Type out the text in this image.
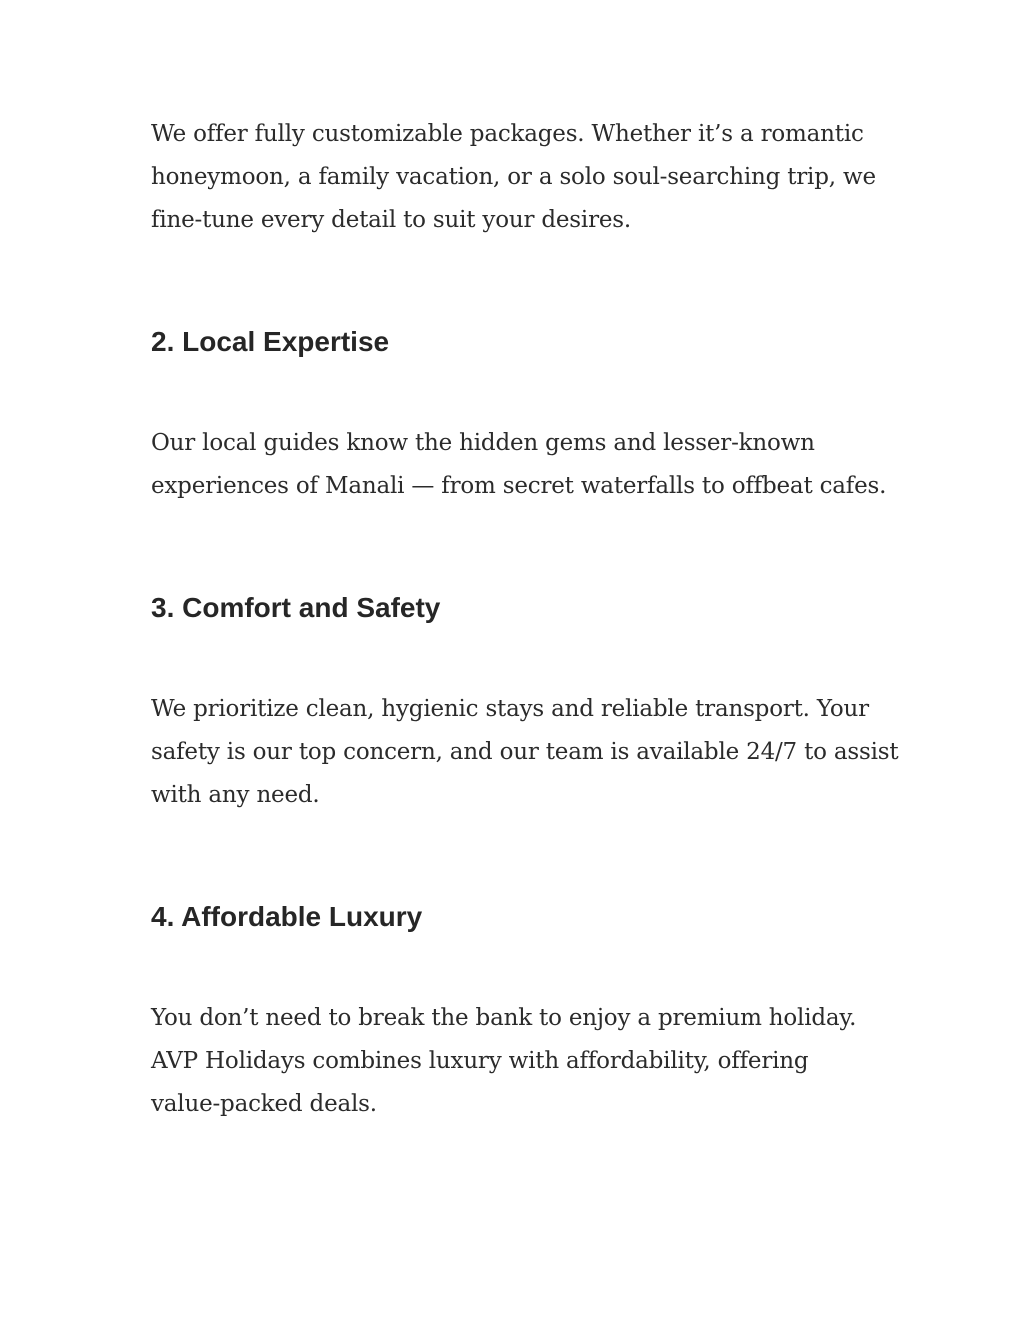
We offer fully customizable packages. Whether it’s a romantic
honeymoon, a family vacation, or a solo soul-searching trip, we
fine-tune every detail to suit your desires.

2. Local Expertise

Our local guides know the hidden gems and lesser-known
experiences of Manali — from secret waterfalls to offbeat cafes.

3. Comfort and Safety

We prioritize clean, hygienic stays and reliable transport. Your
safety is our top concern, and our team is available 24/7 to assist
with any need.

4. Affordable Luxury

You don’t need to break the bank to enjoy a premium holiday.
AVP Holidays combines luxury with affordability, offering
value-packed deals.
